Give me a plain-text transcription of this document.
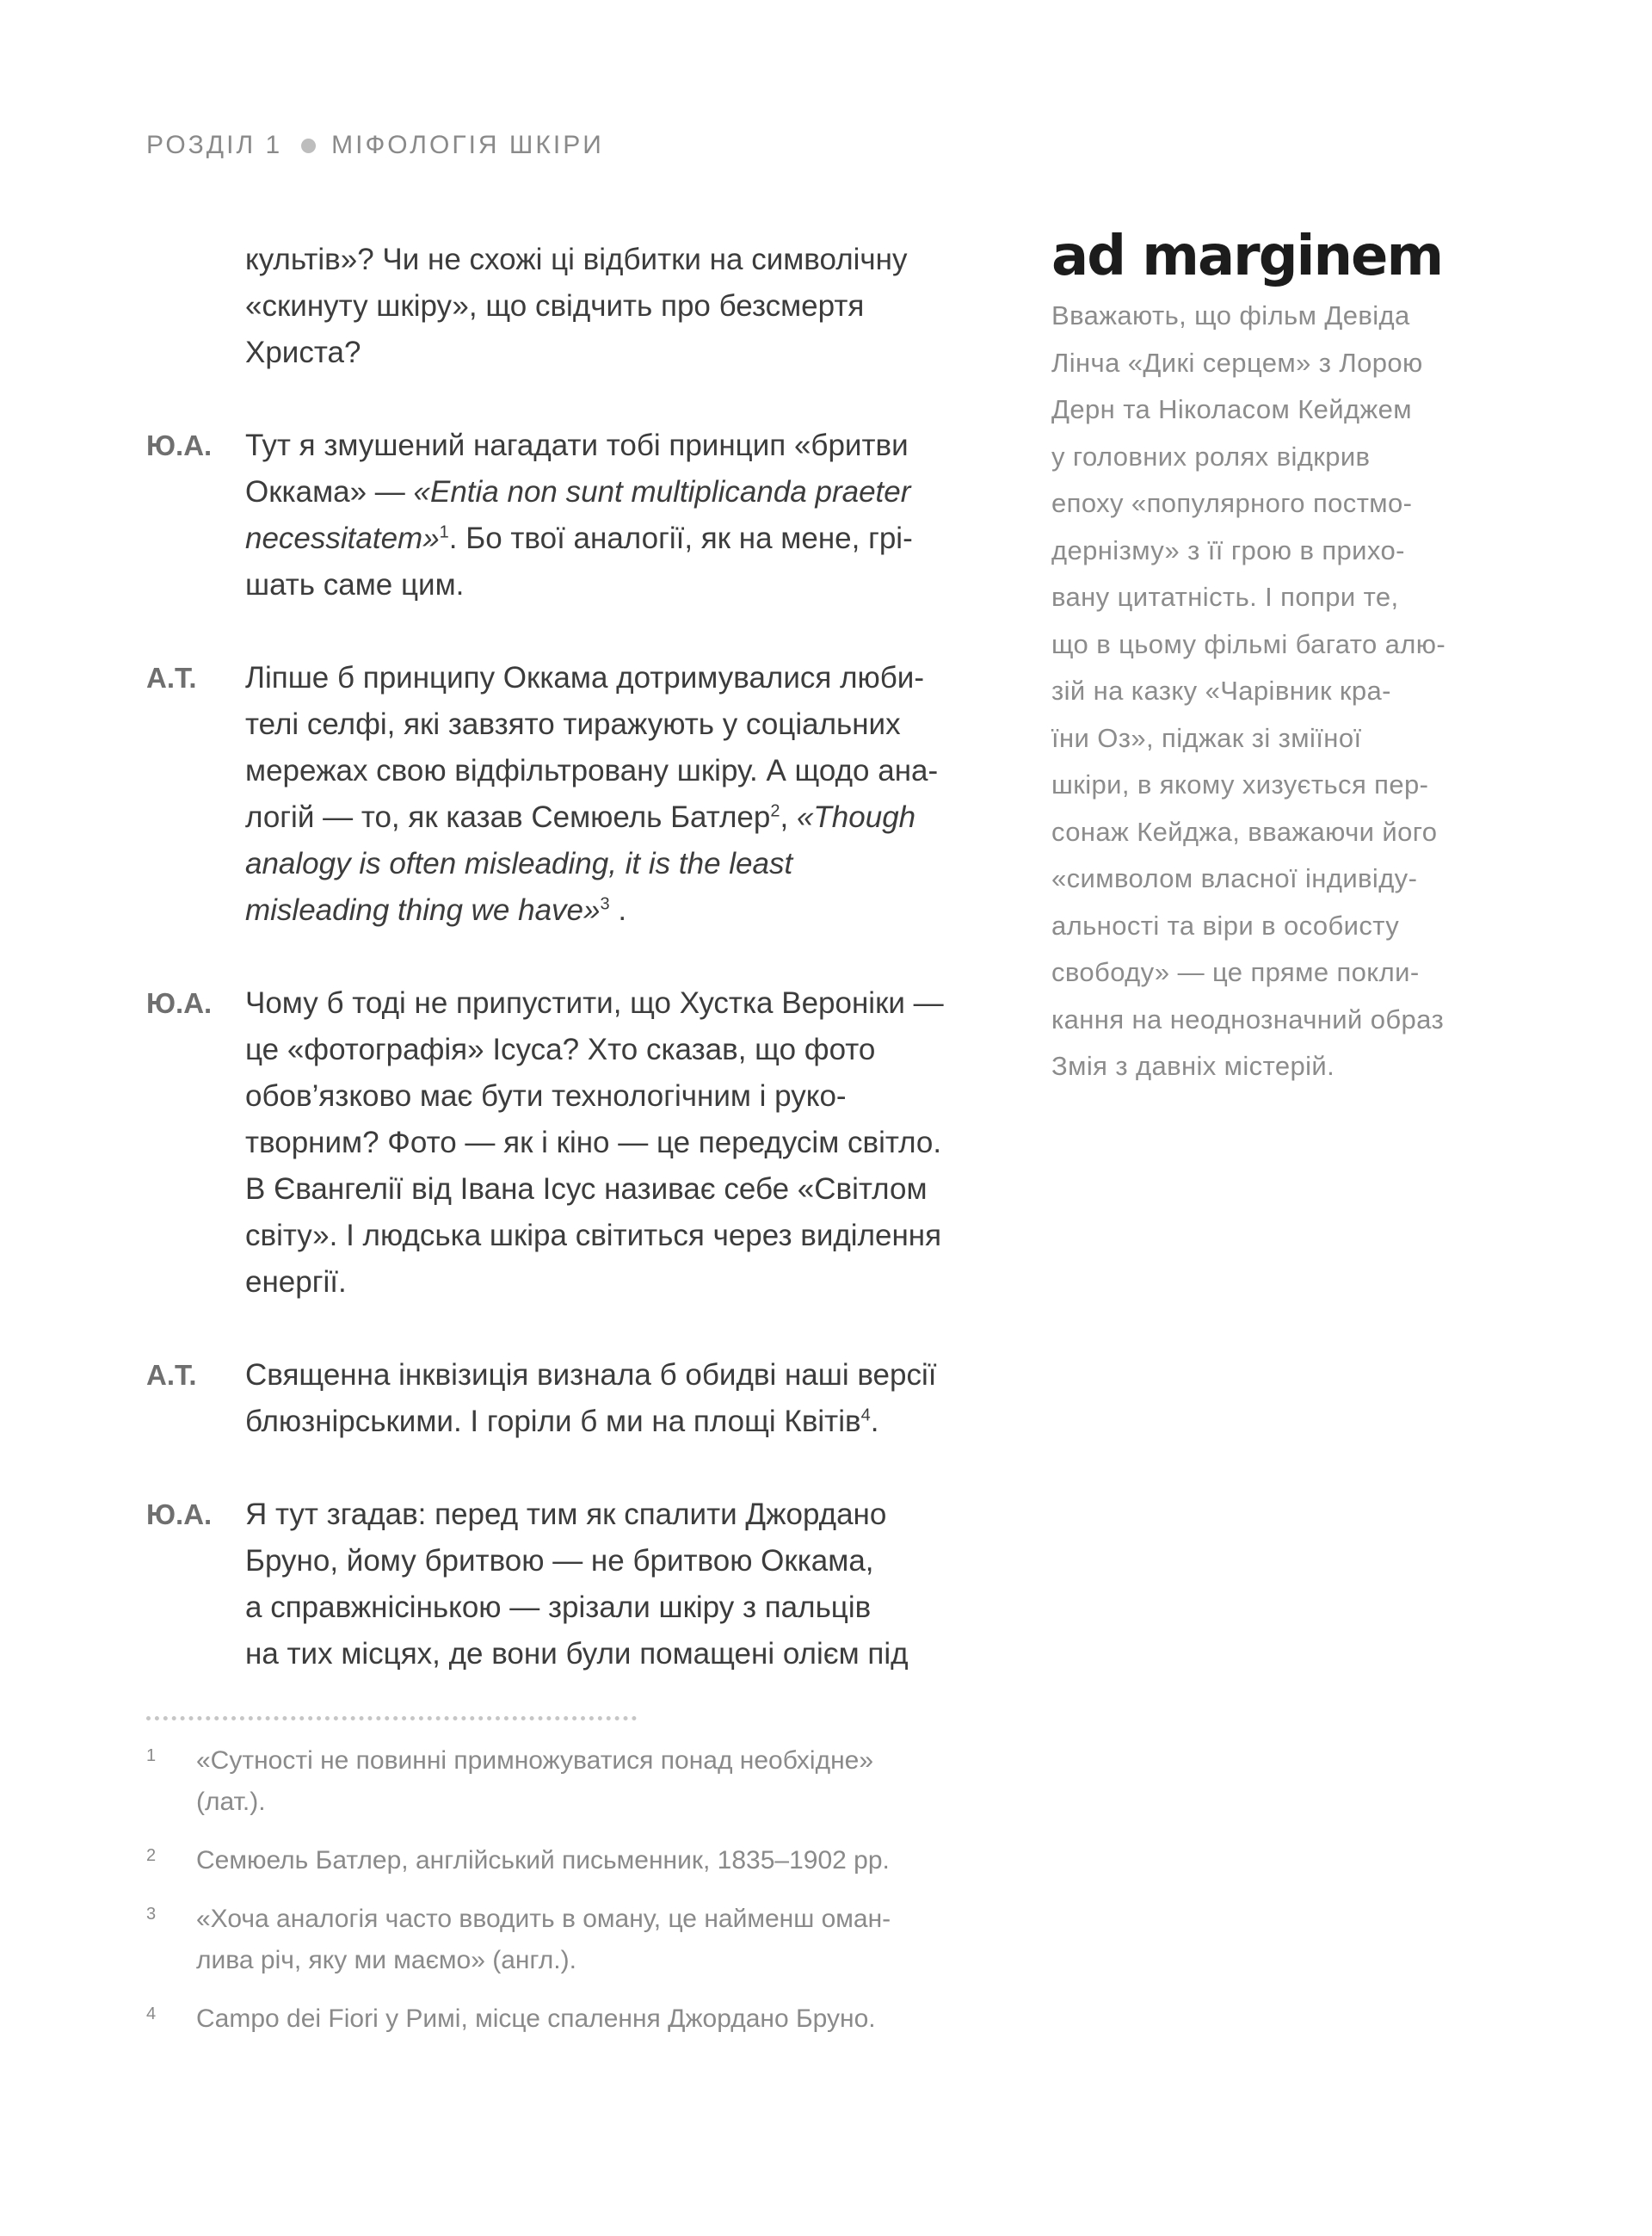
РОЗДІЛ 1 МІФОЛОГІЯ ШКІРИ
культів»? Чи не схожі ці відбитки на символічну
«скинуту шкіру», що свідчить про безсмертя
Христа?
Ю.А. Тут я змушений нагадати тобі принцип «бритви
Оккама» — «Entia non sunt multiplicanda praeter
necessitatem»$^1$. Бо твої аналогії, як на мене, грі-
шать саме цим.
А.Т. Ліпше б принципу Оккама дотримувалися люби-
телі селфі, які завзято тиражують у соціальних
мережах свою відфільтровану шкіру. А щодо ана-
логій — то, як казав Семюель Батлер$^2$, «Though
analogy is often misleading, it is the least
misleading thing we have»$^3$ .
Ю.А. Чому б тоді не припустити, що Хустка Вероніки —
це «фотографія» Ісуса? Хто сказав, що фото
обов’язково має бути технологічним і руко-
творним? Фото — як і кіно — це передусім світло.
В Євангелії від Івана Ісус називає себе «Світлом
світу». І людська шкіра світиться через виділення
енергії.
А.Т. Священна інквізиція визнала б обидві наші версії
блюзнірськими. І горіли б ми на площі Квітів$^4$.
Ю.А. Я тут згадав: перед тим як спалити Джордано
Бруно, йому бритвою — не бритвою Оккама,
а справжнісінькою — зрізали шкіру з пальців
на тих місцях, де вони були помащені олієм під
ad marginem
Вважають, що фільм Девіда
Лінча «Дикі серцем» з Лорою
Дерн та Ніколасом Кейджем
у головних ролях відкрив
епоху «популярного постмо-
дернізму» з її грою в прихо-
вану цитатність. І попри те,
що в цьому фільмі багато алю-
зій на казку «Чарівник кра-
їни Оз», піджак зі зміїної
шкіри, в якому хизується пер-
сонаж Кейджа, вважаючи його
«символом власної індивіду-
альності та віри в особисту
свободу» — це пряме покли-
кання на неоднозначний образ
Змія з давніх містерій.
1 «Сутності не повинні примножуватися понад необхідне»
(лат.).
2 Семюель Батлер, англійський письменник, 1835–1902 рр.
3 «Хоча аналогія часто вводить в оману, це найменш оман-
лива річ, яку ми маємо» (англ.).
4 Campo dei Fiori у Римі, місце спалення Джордано Бруно.
